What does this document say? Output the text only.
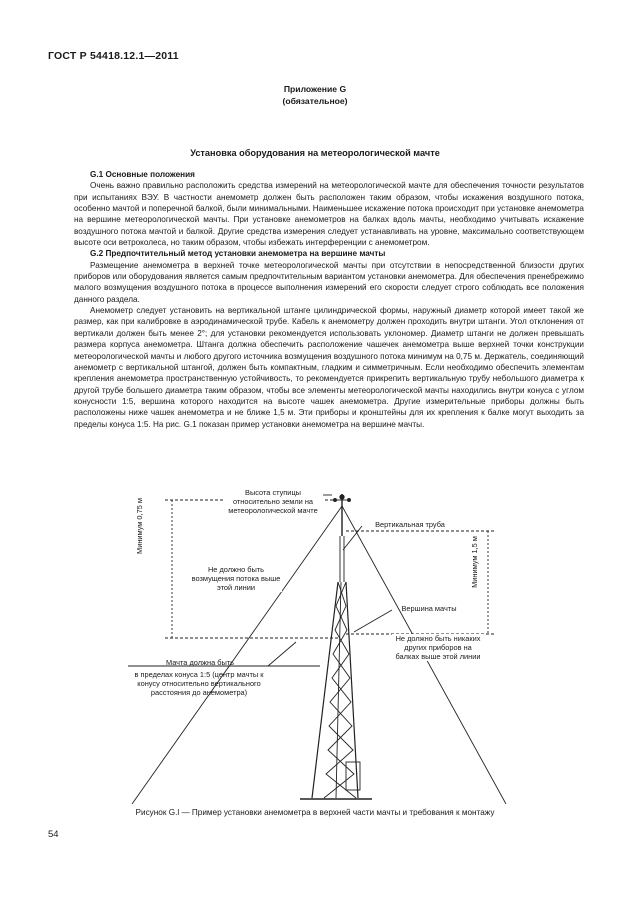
ГОСТ Р 54418.12.1—2011
Приложение G
(обязательное)
Установка оборудования на метеорологической мачте
G.1 Основные положения

Очень важно правильно расположить средства измерений на метеорологической мачте для обеспечения точности результатов при испытаниях ВЭУ. В частности анемометр должен быть расположен таким образом, чтобы искажения воздушного потока, особенно мачтой и поперечной балкой, были минимальными. Наименьшее искажение потока происходит при установке анемометра на вершине метеорологической мачты. При установке анемометров на балках вдоль мачты, необходимо учитывать искажение воздушного потока мачтой и балкой. Другие средства измерения следует устанавливать на уровне, максимально соответствующем высоте оси ветроколеса, но таким образом, чтобы избежать интерференции с анемометром.

G.2 Предпочтительный метод установки анемометра на вершине мачты

Размещение анемометра в верхней точке метеорологической мачты при отсутствии в непосредственной близости других приборов или оборудования является самым предпочтительным вариантом установки анемометра. Для обеспечения пренебрежимо малого возмущения воздушного потока в процессе выполнения измерений его скорости следует строго соблюдать все положения данного раздела.

Анемометр следует установить на вертикальной штанге цилиндрической формы, наружный диаметр которой имеет такой же размер, как при калибровке в аэродинамической трубе. Кабель к анемометру должен проходить внутри штанги. Угол отклонения от вертикали должен быть менее 2°; для установки рекомендуется использовать уклономер. Диаметр штанги не должен превышать размера корпуса анемометра. Штанга должна обеспечить расположение чашечек анемометра выше верхней точки конструкции метеорологической мачты и любого другого источника возмущения воздушного потока минимум на 0,75 м. Держатель, соединяющий анемометр с вертикальной штангой, должен быть компактным, гладким и симметричным. Если необходимо обеспечить элементам крепления анемометра пространственную устойчивость, то рекомендуется прикрепить вертикальную трубу небольшого диаметра к другой трубе большего диаметра таким образом, чтобы все элементы метеорологической мачты находились внутри конуса с углом конусности 1:5, вершина которого находится на высоте чашек анемометра. Другие измерительные приборы должны быть расположены ниже чашек анемометра и не ближе 1,5 м. Эти приборы и кронштейны для их крепления к балке могут выходить за пределы конуса 1:5. На рис. G.1 показан пример установки анемометра на вершине мачты.

Высота ступицы относительно земли на метеорологической мачте
Вертикальная труба
Минимум 0,75 м
Не должно быть возмущения потока выше этой линии	Минимум 1,5 м
Вершина мачты
Не должно быть никаких других приборов на балках выше этой линии
Мачта должна быть
в пределах конуса 1:5 (центр мачты к конусу относительно вертикального расстояния до анемометра)
Рисунок G.l — Пример установки анемометра в верхней части мачты и требования к монтажу
54
